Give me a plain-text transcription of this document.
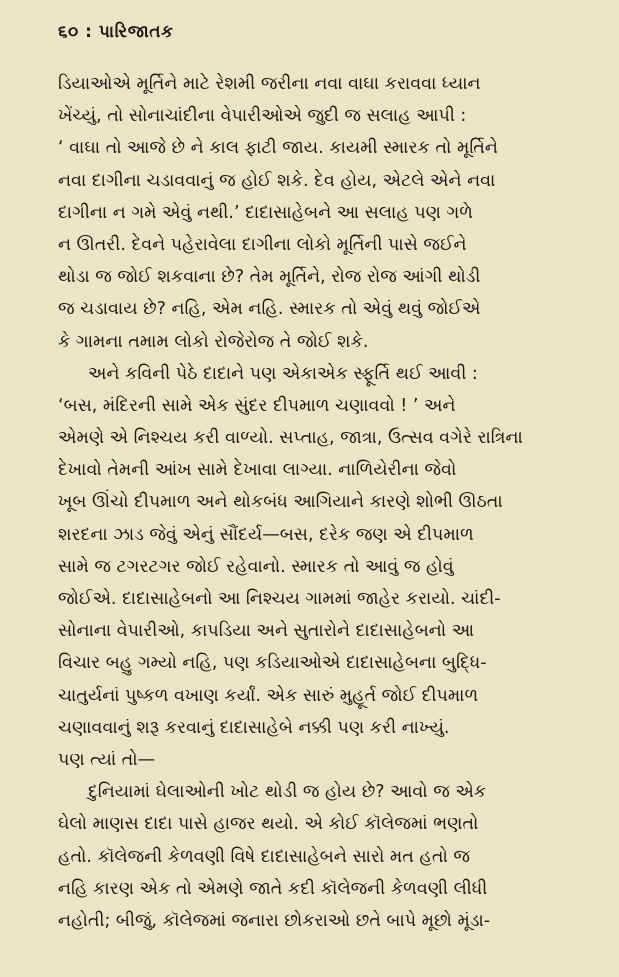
૬૦ : પારિજાતક
ડિયાઓએ મૂર્તિને માટે રેશમી જરીના નવા વાઘા કરાવવા ધ્યાન
ખેંચ્યું, તો સોનાચાંદીના વેપારીઓએ જુદી જ સલાહ આપી :
‘ વાઘા તો આજે છે ને કાલ ફાટી જાય. કાયમી સ્મારક તો મૂર્તિને
નવા દાગીના ચડાવવાનું જ હોઈ શકે. દેવ હોય, એટલે એને નવા
દાગીના ન ગમે એવું નથી.’ દાદાસાહેબને આ સલાહ પણ ગળે
ન ઊતરી. દેવને પહેરાવેલા દાગીના લોકો મૂર્તિની પાસે જઈને
થોડા જ જોઈ શકવાના છે? તેમ મૂર્તિને, રોજ રોજ આંગી થોડી
જ ચડાવાય છે? નહિ, એમ નહિ. સ્મારક તો એવું થવું જોઈએ
કે ગામના તમામ લોકો રોજેરોજ તે જોઈ શકે.
અને કવિની પેઠે દાદાને પણ એકાએક સ્ફૂર્તિ થઈ આવી :
‘બસ, મંદિરની સામે એક સુંદર દીપમાળ ચણાવવો ! ’ અને
એમણે એ નિશ્ચય કરી વાળ્યો. સપ્તાહ, જાત્રા, ઉત્સવ વગેરે રાત્રિના
દેખાવો તેમની આંખ સામે દેખાવા લાગ્યા. નાળિયેરીના જેવો
ખૂબ ઊંચો દીપમાળ અને થોકબંધ આગિયાને કારણે શોભી ઊઠતા
શરદના ઝાડ જેવું એનું સૌંદર્ય—બસ, દરેક જણ એ દીપમાળ
સામે જ ટગરટગર જોઈ રહેવાનો. સ્મારક તો આવું જ હોવું
જોઈએ. દાદાસાહેબનો આ નિશ્ચય ગામમાં જાહેર કરાયો. ચાંદી-
સોનાના વેપારીઓ, કાપડિયા અને સુતારોને દાદાસાહેબનો આ
વિચાર બહુ ગમ્યો નહિ, પણ કડિયાઓએ દાદાસાહેબના બુદ્ધિ-
ચાતુર્યનાં પુષ્કળ વખાણ કર્યાં. એક સારું મુહૂર્ત જોઈ દીપમાળ
ચણાવવાનું શરૂ કરવાનું દાદાસાહેબે નક્કી પણ કરી નાખ્યું.
પણ ત્યાં તો—
દુનિયામાં ઘેલાઓની ખોટ થોડી જ હોય છે? આવો જ એક
ઘેલો માણસ દાદા પાસે હાજર થયો. એ કોઈ કૉલેજમાં ભણતો
હતો. કૉલેજની કેળવણી વિષે દાદાસાહેબને સારો મત હતો જ
નહિ કારણ એક તો એમણે જાતે કદી કૉલેજની કેળવણી લીધી
નહોતી; બીજું, કૉલેજમાં જનારા છોકરાઓ છતે બાપે મૂછો મૂંડા-
